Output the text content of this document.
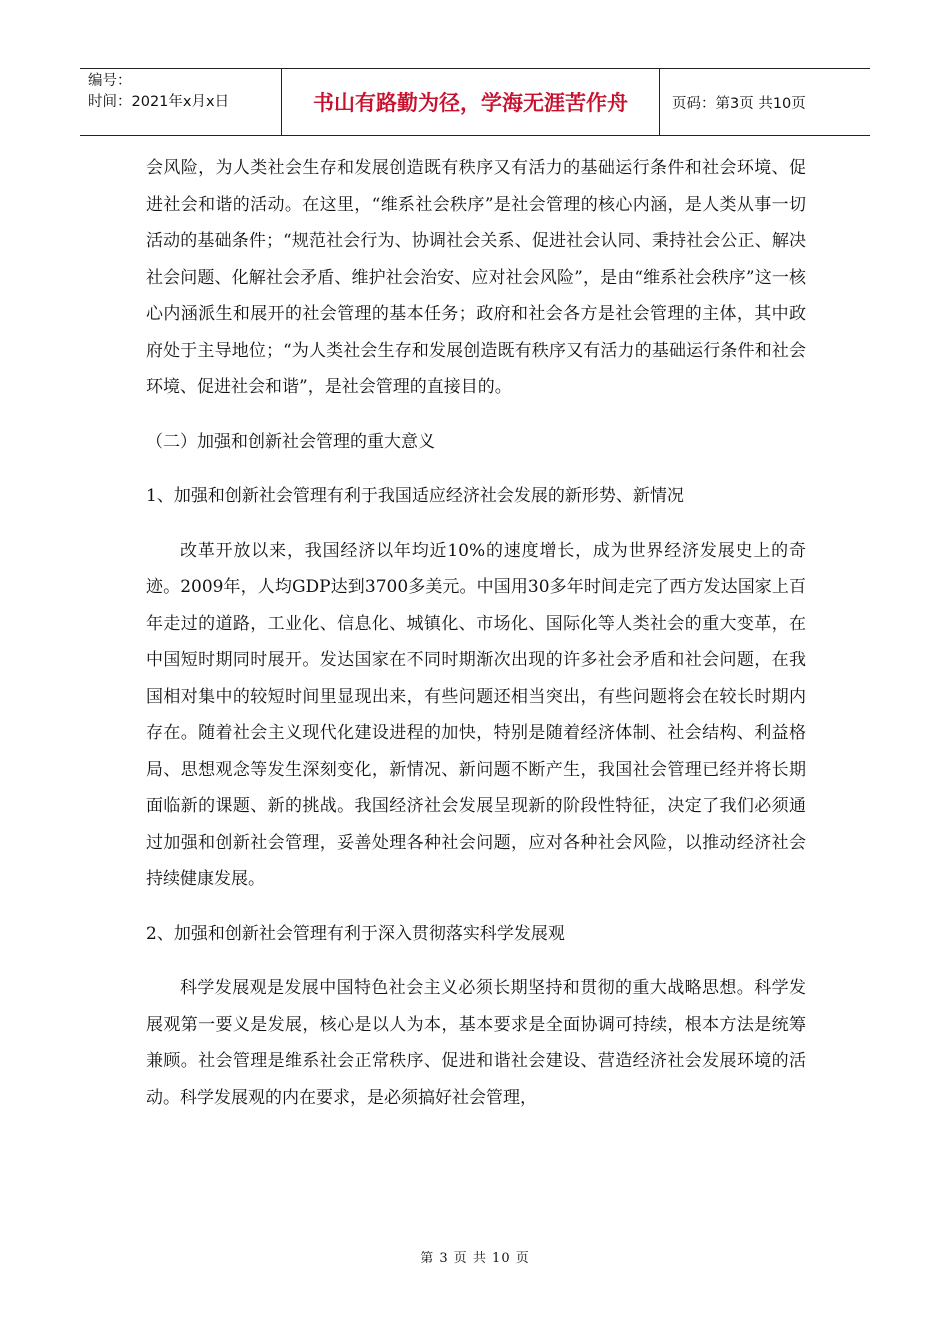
编号：
时间：2021年x月x日	书山有路勤为径，学海无涯苦作舟	页码：第3页 共10页

会风险，为人类社会生存和发展创造既有秩序又有活力的基础运行条件和社会环境、促进社会和谐的活动。在这里，“维系社会秩序”是社会管理的核心内涵，是人类从事一切活动的基础条件；“规范社会行为、协调社会关系、促进社会认同、秉持社会公正、解决社会问题、化解社会矛盾、维护社会治安、应对社会风险”，是由“维系社会秩序”这一核心内涵派生和展开的社会管理的基本任务；政府和社会各方是社会管理的主体，其中政府处于主导地位；“为人类社会生存和发展创造既有秩序又有活力的基础运行条件和社会环境、促进社会和谐”，是社会管理的直接目的。

（二）加强和创新社会管理的重大意义

1、加强和创新社会管理有利于我国适应经济社会发展的新形势、新情况

改革开放以来，我国经济以年均近10%的速度增长，成为世界经济发展史上的奇迹。2009年，人均GDP达到3700多美元。中国用30多年时间走完了西方发达国家上百年走过的道路，工业化、信息化、城镇化、市场化、国际化等人类社会的重大变革，在中国短时期同时展开。发达国家在不同时期渐次出现的许多社会矛盾和社会问题，在我国相对集中的较短时间里显现出来，有些问题还相当突出，有些问题将会在较长时期内存在。随着社会主义现代化建设进程的加快，特别是随着经济体制、社会结构、利益格局、思想观念等发生深刻变化，新情况、新问题不断产生，我国社会管理已经并将长期面临新的课题、新的挑战。我国经济社会发展呈现新的阶段性特征，决定了我们必须通过加强和创新社会管理，妥善处理各种社会问题，应对各种社会风险，以推动经济社会持续健康发展。

2、加强和创新社会管理有利于深入贯彻落实科学发展观

科学发展观是发展中国特色社会主义必须长期坚持和贯彻的重大战略思想。科学发展观第一要义是发展，核心是以人为本，基本要求是全面协调可持续，根本方法是统筹兼顾。社会管理是维系社会正常秩序、促进和谐社会建设、营造经济社会发展环境的活动。科学发展观的内在要求，是必须搞好社会管理，

第 3 页 共 10 页
